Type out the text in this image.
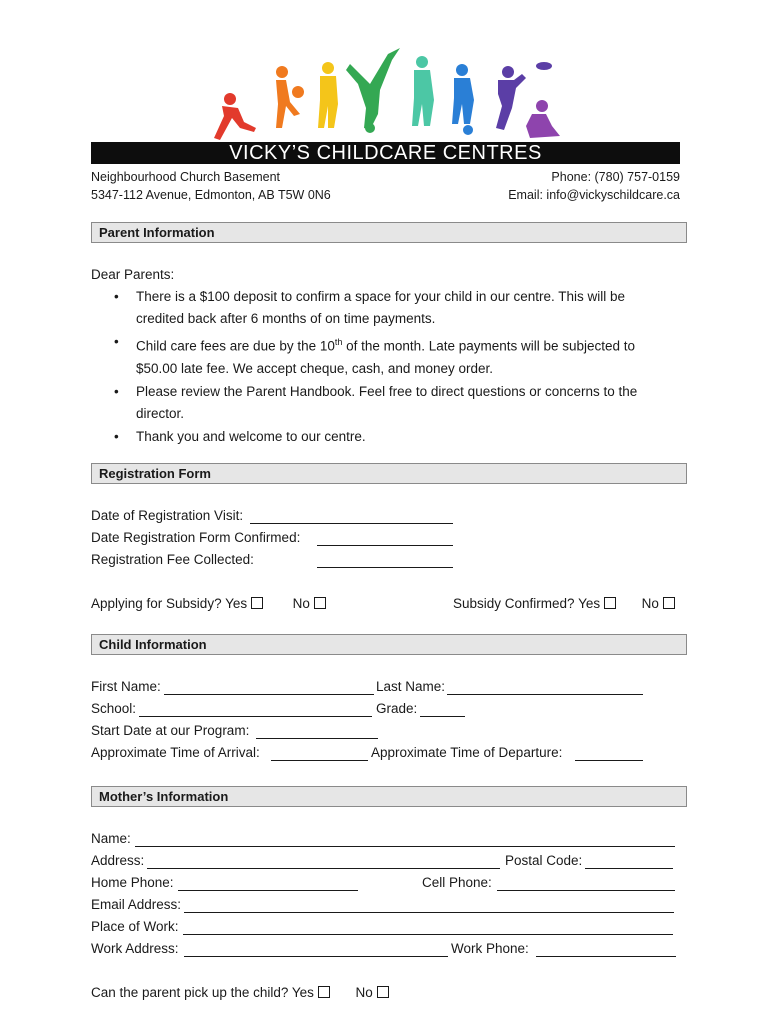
VICKY’S CHILDCARE CENTRES
Neighbourhood Church Basement
5347-112 Avenue, Edmonton, AB T5W 0N6
Phone: (780) 757-0159
Email: info@vickyschildcare.ca
Parent Information
Dear Parents:
• There is a $100 deposit to confirm a space for your child in our centre. This will be credited back after 6 months of on time payments.
• Child care fees are due by the 10th of the month. Late payments will be subjected to $50.00 late fee. We accept cheque, cash, and money order.
• Please review the Parent Handbook. Feel free to direct questions or concerns to the director.
• Thank you and welcome to our centre.
Registration Form
Date of Registration Visit:
Date Registration Form Confirmed:
Registration Fee Collected:
Applying for Subsidy? Yes	No	Subsidy Confirmed? Yes	No
Child Information
First Name:	Last Name:
School:	Grade:
Start Date at our Program:
Approximate Time of Arrival:	Approximate Time of Departure:
Mother’s Information
Name:
Address:	Postal Code:
Home Phone:	Cell Phone:
Email Address:
Place of Work:
Work Address:	Work Phone:
Can the parent pick up the child? Yes	No
